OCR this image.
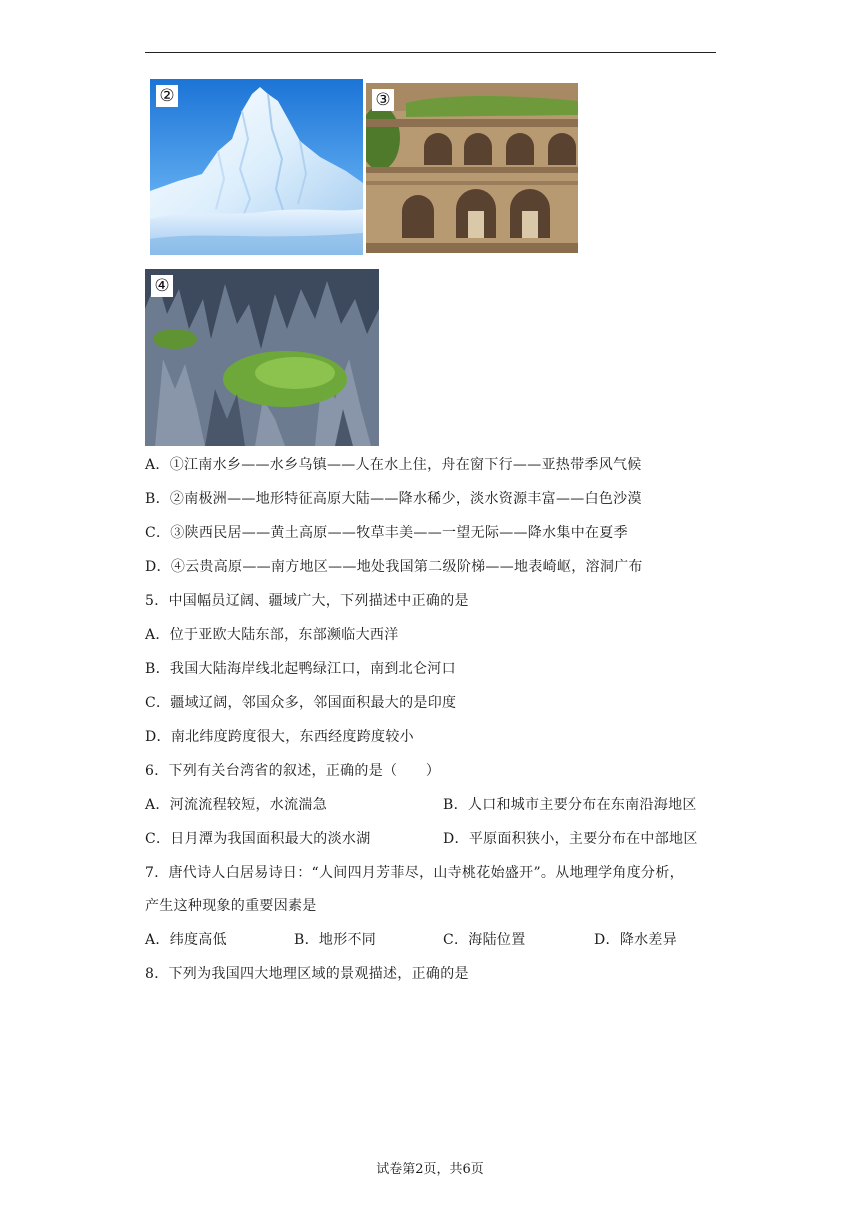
②	③
④
A．①江南水乡——水乡乌镇——人在水上住，舟在窗下行——亚热带季风气候
B．②南极洲——地形特征高原大陆——降水稀少，淡水资源丰富——白色沙漠
C．③陕西民居——黄土高原——牧草丰美——一望无际——降水集中在夏季
D．④云贵高原——南方地区——地处我国第二级阶梯——地表崎岖，溶洞广布
5．中国幅员辽阔、疆域广大，下列描述中正确的是
A．位于亚欧大陆东部，东部濒临大西洋
B．我国大陆海岸线北起鸭绿江口，南到北仑河口
C．疆域辽阔，邻国众多，邻国面积最大的是印度
D．南北纬度跨度很大，东西经度跨度较小
6．下列有关台湾省的叙述，正确的是（　　）
A．河流流程较短，水流湍急	B．人口和城市主要分布在东南沿海地区
C．日月潭为我国面积最大的淡水湖	D．平原面积狭小，主要分布在中部地区
7．唐代诗人白居易诗日：“人间四月芳菲尽，山寺桃花始盛开”。从地理学角度分析，
产生这种现象的重要因素是
A．纬度高低	B．地形不同	C．海陆位置	D．降水差异
8．下列为我国四大地理区域的景观描述，正确的是
试卷第2页，共6页
